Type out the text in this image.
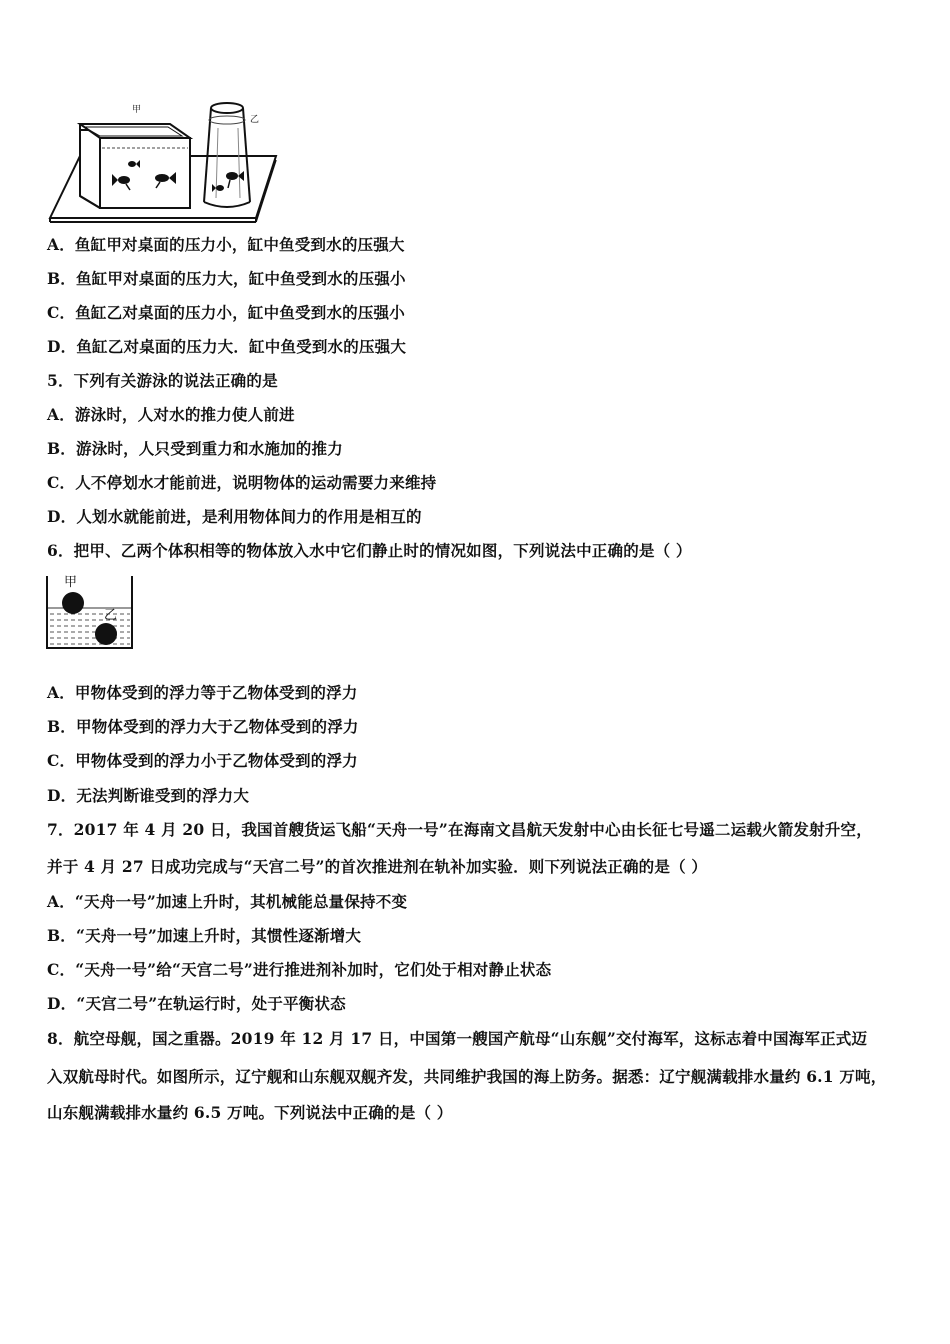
甲
乙
A．鱼缸甲对桌面的压力小，缸中鱼受到水的压强大
B．鱼缸甲对桌面的压力大，缸中鱼受到水的压强小
C．鱼缸乙对桌面的压力小，缸中鱼受到水的压强小
D．鱼缸乙对桌面的压力大．缸中鱼受到水的压强大
5．下列有关游泳的说法正确的是
A．游泳时，人对水的推力使人前进
B．游泳时，人只受到重力和水施加的推力
C．人不停划水才能前进，说明物体的运动需要力来维持
D．人划水就能前进，是利用物体间力的作用是相互的
6．把甲、乙两个体积相等的物体放入水中它们静止时的情况如图，下列说法中正确的是（ ）
甲
乙
A．甲物体受到的浮力等于乙物体受到的浮力
B．甲物体受到的浮力大于乙物体受到的浮力
C．甲物体受到的浮力小于乙物体受到的浮力
D．无法判断谁受到的浮力大
7．2017 年 4 月 20 日，我国首艘货运飞船“天舟一号”在海南文昌航天发射中心由长征七号遥二运载火箭发射升空，
并于 4 月 27 日成功完成与“天宫二号”的首次推进剂在轨补加实验．则下列说法正确的是（ ）
A．“天舟一号”加速上升时，其机械能总量保持不变
B．“天舟一号”加速上升时，其惯性逐渐增大
C．“天舟一号”给“天宫二号”进行推进剂补加时，它们处于相对静止状态
D．“天宫二号”在轨运行时，处于平衡状态
8．航空母舰，国之重器。2019 年 12 月 17 日，中国第一艘国产航母“山东舰”交付海军，这标志着中国海军正式迈
入双航母时代。如图所示，辽宁舰和山东舰双舰齐发，共同维护我国的海上防务。据悉：辽宁舰满载排水量约 6.1 万吨，
山东舰满载排水量约 6.5 万吨。下列说法中正确的是（ ）
